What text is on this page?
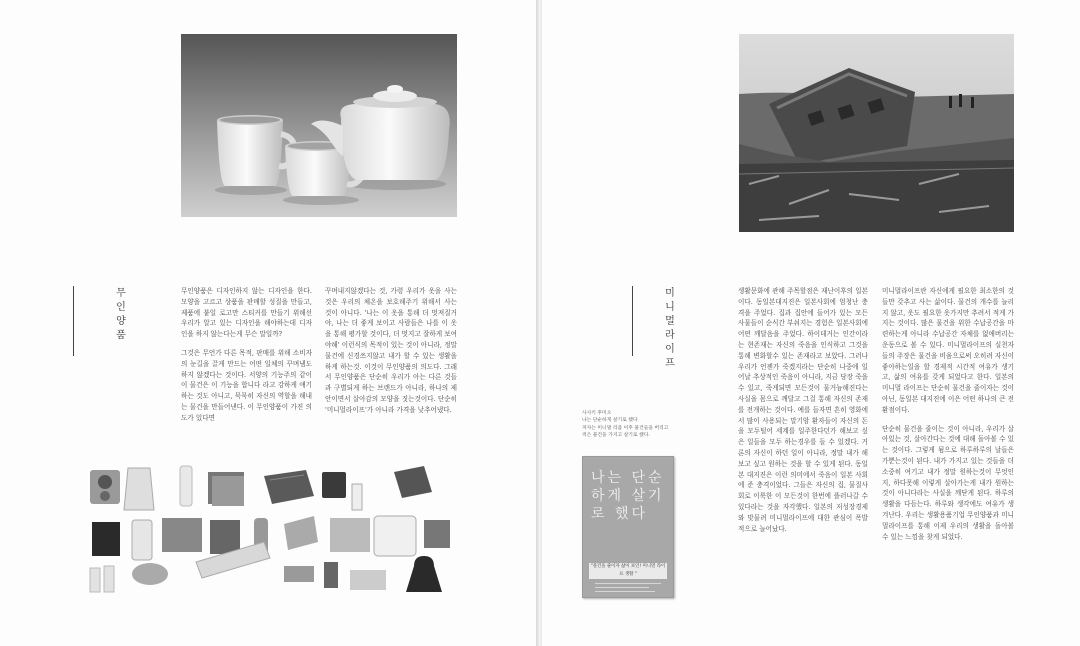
무
인
양
품

무인양품은 디자인하지 않는 디자인을 한다. 모양을 고르고 상품을 판매할 성질을 만들고, 제품에 붙일 로고만 스티커를 만들기 위해선 우리가 알고 있는 디자인을 해야하는데 디자인을 하지 않는다는게 무슨 말일까?

그것은 무언가 다른 목적, 판매를 위해 소비자의 눈길을 끌게 만드는 어떤 일체의 꾸며냄도 하지 않겠다는 것이다. 서양의 기능주의 같이 이 물건은 이 기능을 합니다 라고 강하게 얘기하는 것도 아니고, 묵묵히 자신의 역할을 해내는 물건을 만들어낸다. 이 무인양품이 가진 의도가 있다면

꾸며내지않겠다는 것, 가령 우리가 옷을 사는 것은 우리의 체온을 보호해주기 위해서 사는 것이 아니다. '나는 이 옷을 통해 더 멋져질거야, 나는 더 좋게 보이고 사람들은 나를 이 옷을 통해 평가할 것이다, 더 멋지고 잘하게 보여야해' 이런식의 목적이 있는 것이 아니라, 정말 물건에 신경쓰지않고 내가 할 수 있는 생활을 하게 하는것. 이것이 무인양품의 의도다. 그래서 무인양품은 단순히 우리가 아는 다른 것들과 구별되게 하는 브랜드가 아니라, 하나의 제안이면서 살아감의 모양을 짓는것이다. 단순히 '미니멀라이프'가 아니라 가격을 낮추어냈다.

미
니
멀
라
이
프
사사키 후미오
나는 단순하게 살기로 했다
저자는 미니멀 리즘 이후 물건들을 버리고
적은 물건을 가지고 살기로 했다.
나는 단순하게 살기로 했다
"물건을 줄이자 삶이 보인! 미니멀 라이프 생활 "

생활문화에 관해 주목할점은 재난이후의 일본이다. 동일본대지진은 일본사회에 엄청난 충격을 주었다. 집과 집안에 들어가 있는 모든 사물들이 순식간 부숴지는 경험은 일본사회에 어떤 깨달음을 주었다. 하이데거는 인간이라는 현존재는 자신의 죽음을 인식하고 그것을 통해 변화할수 있는 존재라고 보았다. 그러나 우리가 언젠가 죽겠지라는 단순히 나중에 일어날 추상적인 죽음이 아니라, 지금 당장 죽을 수 있고, 죽게되면 모든것이 물거늉해진다는 사실을 몸으로 깨달고 그걸 통해 자신의 존재를 전개하는 것이다. 예를 들자면 흔히 영화에서 많이 사용되는 말기암 환자들이 자신의 돈을 모두털어 세계를 일주한다던가 해보고 싶은 일들을 모두 하는경우를 들 수 있겠다. 거론의 자신이 하던 일이 아니라, 정말 내가 해보고 싶고 원하는 것을 할 수 있게 된다. 동일본 대지진은 이런 의미에서 죽음이 일본 사회에 준 충격이었다. 그들은 자신의 집, 물질사회로 이룩한 이 모든것이 한번에 플러나갈 수 있다라는 것을 자각했다. 일본의 저성장경제와 맞물려 미니멀라이프에 대한 관심이 폭발적으로 늘어났다.

미니멀라이프란 자신에게 필요한 최소한의 것들만 갖추고 사는 삶이다. 물건의 개수를 늘리지 않고, 옷도 필요한 옷가지만 추려서 적게 가지는 것이다. 많은 물건을 위한 수납공간을 마련하는게 아니라 수납공간 자체를 없애버리는 운동으로 볼 수 있다. 미니멀라이프의 실천자들의 주장은 물건을 비움으로써 오히려 자신이 좋아하는일을 할 경제적 시간적 여유가 생기고, 삶의 여유를 갖게 되었다고 한다. 일본의 미니멀 라이프는 단순히 물건을 줄이자는 것이 아닌, 동일본 대지진에 이은 어떤 하나의 큰 전환점이다.

단순히 물건을 줄이는 것이 아니라, 우리가 살아있는 것, 살아간다는 것에 대해 돌아볼 수 있는 것이다. 그렇게 됨으로 하루하루의 날들은 가뿐는것이 된다. 내가 가지고 있는 것들을 더 소중히 여기고 내가 정말 원하는것이 무엇인지, 하다못해 이렇게 살아가는게 내가 원하는 것이 아니다라는 사실을 깨닫게 된다. 하루의 생활을 다듬는다. 하루와 생각에도 여유가 생겨난다. 우리는 생활용품기업 무인양품과 미니멀라이프를 통해 이제 우리의 생활을 돌아볼 수 있는 느낌을 찾게 되었다.
